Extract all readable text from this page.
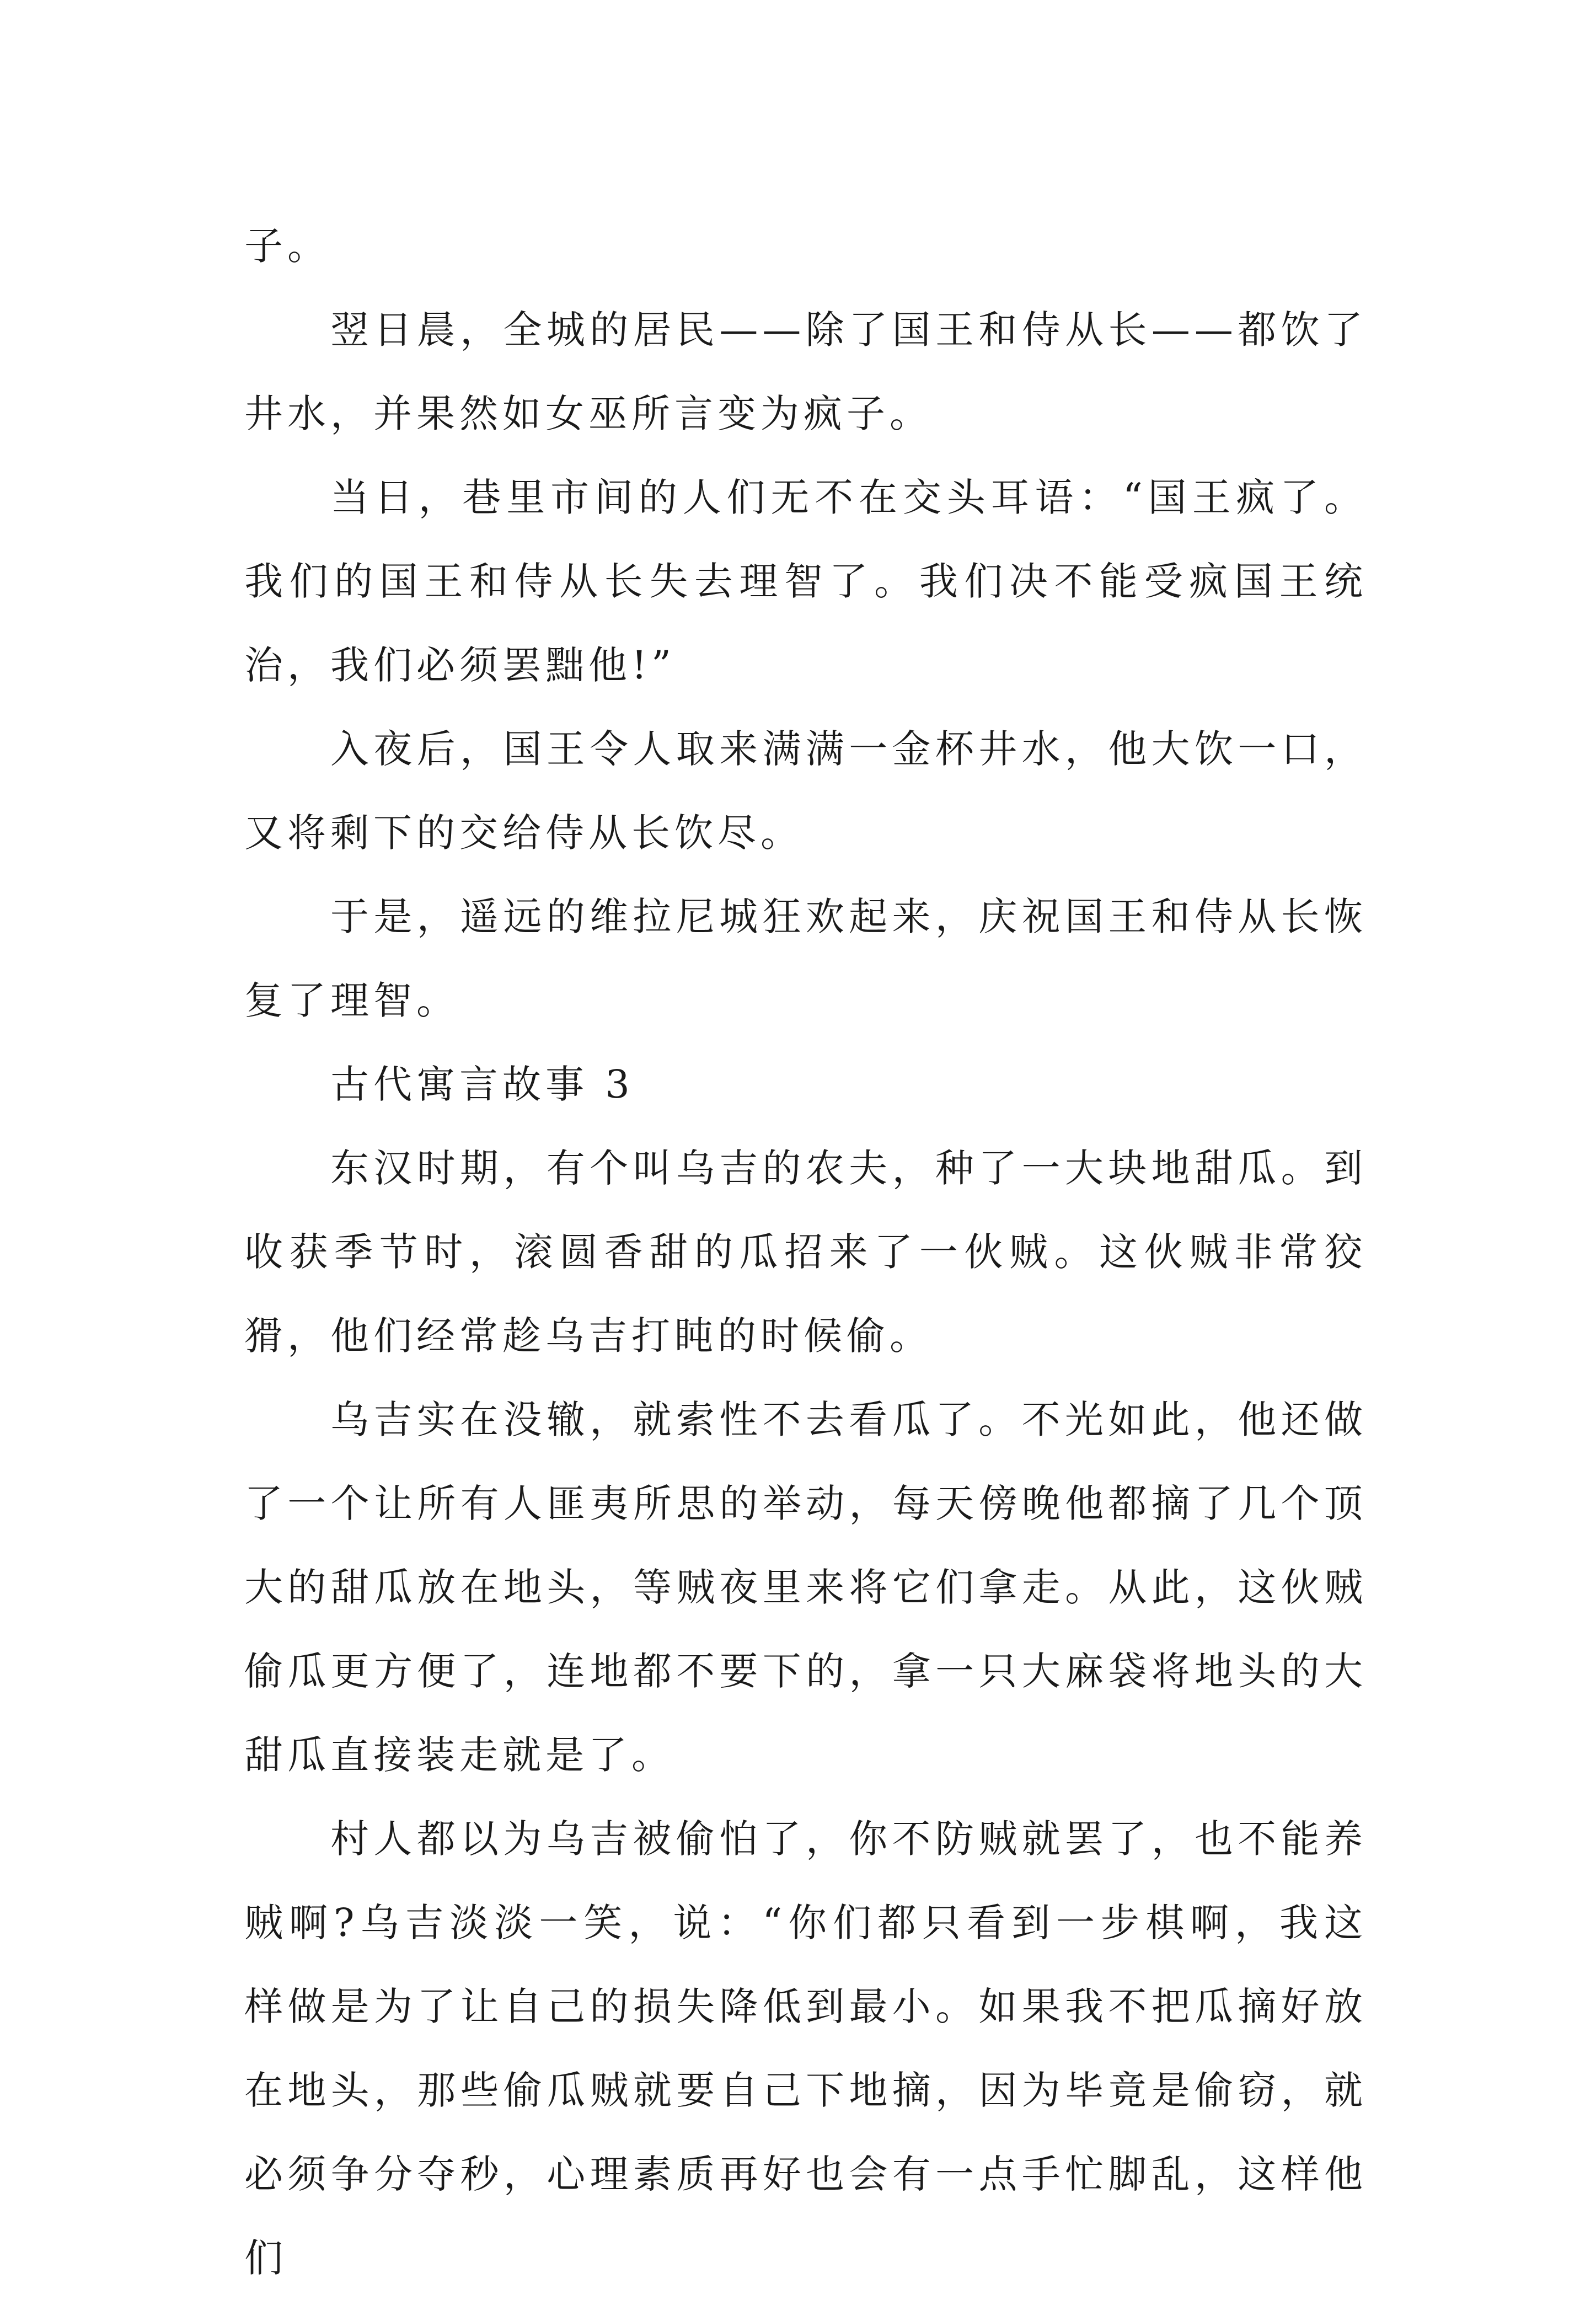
子。

翌日晨，全城的居民——除了国王和侍从长——都饮了井水，并果然如女巫所言变为疯子。

当日，巷里市间的人们无不在交头耳语：“国王疯了。我们的国王和侍从长失去理智了。我们决不能受疯国王统治，我们必须罢黜他!”

入夜后，国王令人取来满满一金杯井水，他大饮一口，又将剩下的交给侍从长饮尽。

于是，遥远的维拉尼城狂欢起来，庆祝国王和侍从长恢复了理智。

古代寓言故事 3

东汉时期，有个叫乌吉的农夫，种了一大块地甜瓜。到收获季节时，滚圆香甜的瓜招来了一伙贼。这伙贼非常狡猾，他们经常趁乌吉打盹的时候偷。

乌吉实在没辙，就索性不去看瓜了。不光如此，他还做了一个让所有人匪夷所思的举动，每天傍晚他都摘了几个顶大的甜瓜放在地头，等贼夜里来将它们拿走。从此，这伙贼偷瓜更方便了，连地都不要下的，拿一只大麻袋将地头的大甜瓜直接装走就是了。

村人都以为乌吉被偷怕了，你不防贼就罢了，也不能养贼啊?乌吉淡淡一笑，说：“你们都只看到一步棋啊，我这样做是为了让自己的损失降低到最小。如果我不把瓜摘好放在地头，那些偷瓜贼就要自己下地摘，因为毕竟是偷窃，就必须争分夺秒，心理素质再好也会有一点手忙脚乱，这样他们
